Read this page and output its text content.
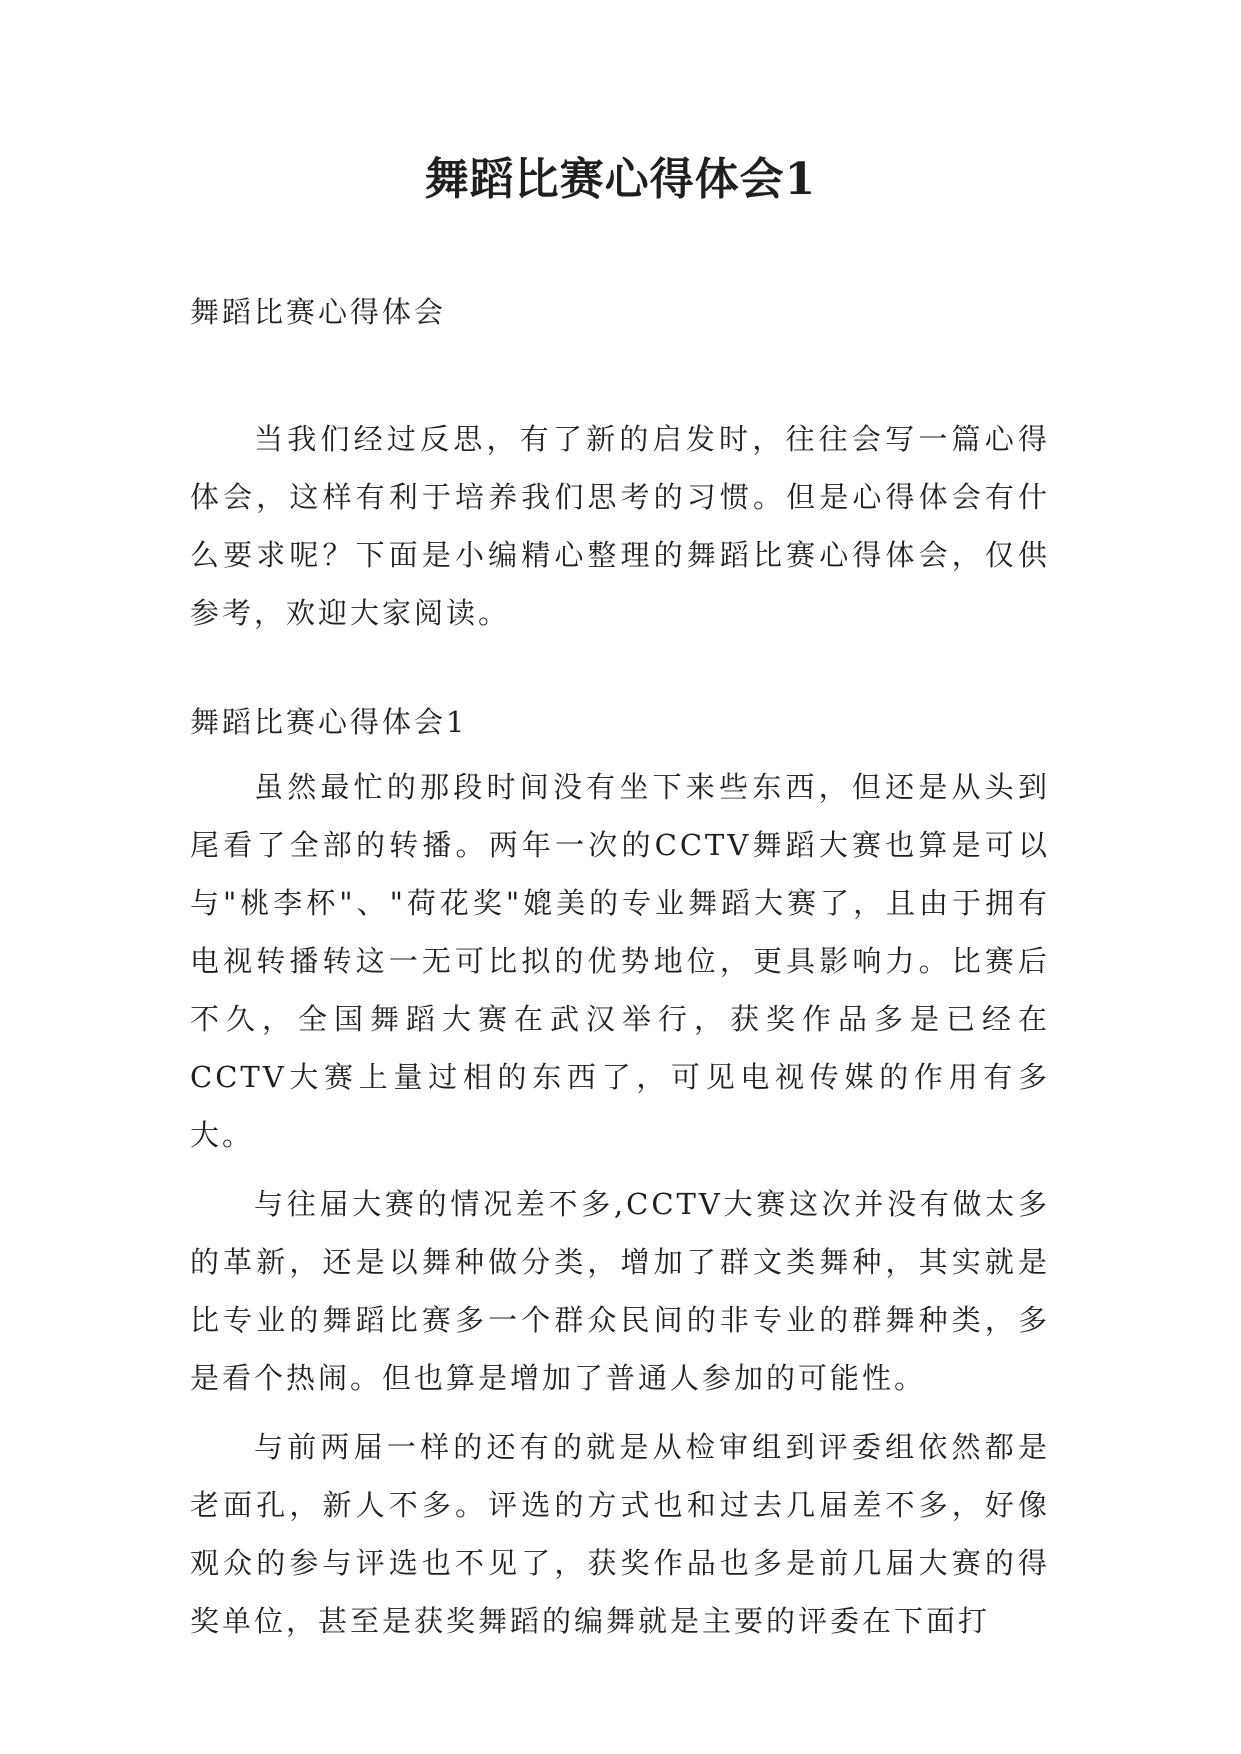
舞蹈比赛心得体会1

舞蹈比赛心得体会

当我们经过反思，有了新的启发时，往往会写一篇心得体会，这样有利于培养我们思考的习惯。但是心得体会有什么要求呢？下面是小编精心整理的舞蹈比赛心得体会，仅供参考，欢迎大家阅读。

舞蹈比赛心得体会1

虽然最忙的那段时间没有坐下来些东西，但还是从头到尾看了全部的转播。两年一次的CCTV舞蹈大赛也算是可以与"桃李杯"、"荷花奖"媲美的专业舞蹈大赛了，且由于拥有电视转播转这一无可比拟的优势地位，更具影响力。比赛后不久，全国舞蹈大赛在武汉举行，获奖作品多是已经在CCTV大赛上量过相的东西了，可见电视传媒的作用有多大。

与往届大赛的情况差不多,CCTV大赛这次并没有做太多的革新，还是以舞种做分类，增加了群文类舞种，其实就是比专业的舞蹈比赛多一个群众民间的非专业的群舞种类，多是看个热闹。但也算是增加了普通人参加的可能性。

与前两届一样的还有的就是从检审组到评委组依然都是老面孔，新人不多。评选的方式也和过去几届差不多，好像观众的参与评选也不见了，获奖作品也多是前几届大赛的得奖单位，甚至是获奖舞蹈的编舞就是主要的评委在下面打
